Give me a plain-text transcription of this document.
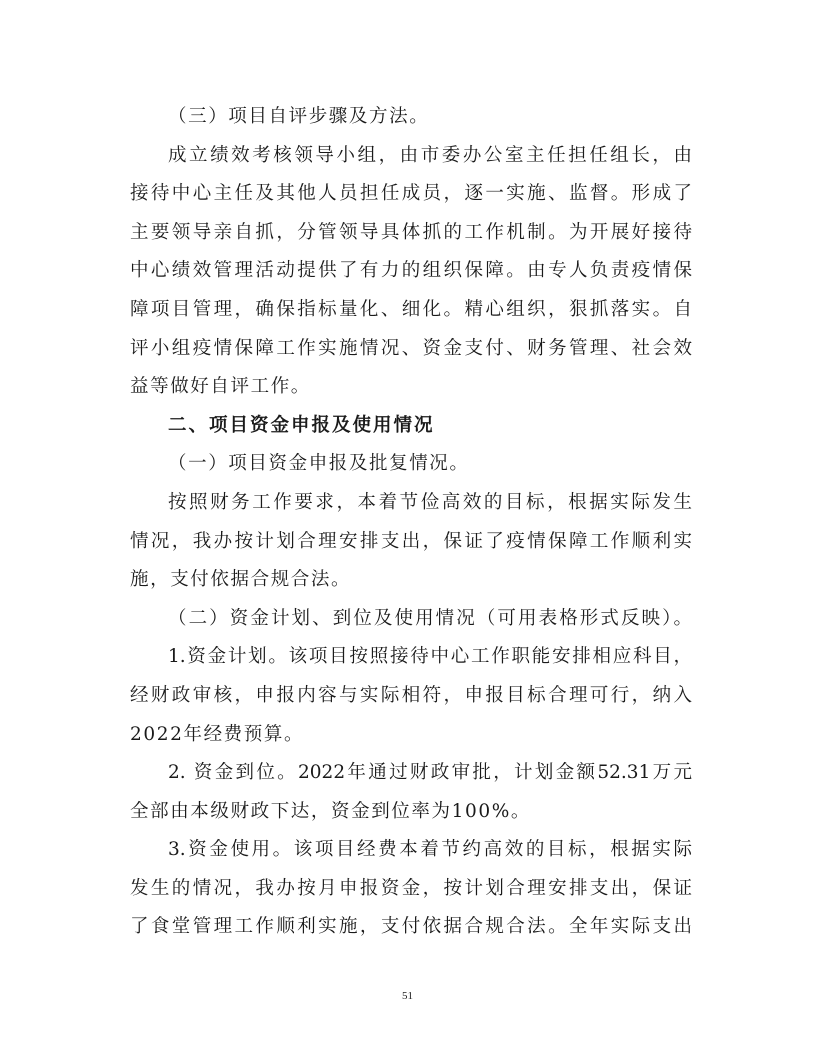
（三）项目自评步骤及方法。
成立绩效考核领导小组，由市委办公室主任担任组长，由
接待中心主任及其他人员担任成员，逐一实施、监督。形成了
主要领导亲自抓，分管领导具体抓的工作机制。为开展好接待
中心绩效管理活动提供了有力的组织保障。由专人负责疫情保
障项目管理，确保指标量化、细化。精心组织，狠抓落实。自
评小组疫情保障工作实施情况、资金支付、财务管理、社会效
益等做好自评工作。
二、项目资金申报及使用情况
（一）项目资金申报及批复情况。
按照财务工作要求，本着节俭高效的目标，根据实际发生
情况，我办按计划合理安排支出，保证了疫情保障工作顺利实
施，支付依据合规合法。
（二）资金计划、到位及使用情况（可用表格形式反映）。
1.资金计划。该项目按照接待中心工作职能安排相应科目，
经财政审核，申报内容与实际相符，申报目标合理可行，纳入
2022年经费预算。
2. 资金到位。2022年通过财政审批，计划金额52.31万元
全部由本级财政下达，资金到位率为100%。
3.资金使用。该项目经费本着节约高效的目标，根据实际
发生的情况，我办按月申报资金，按计划合理安排支出，保证
了食堂管理工作顺利实施，支付依据合规合法。全年实际支出
51
